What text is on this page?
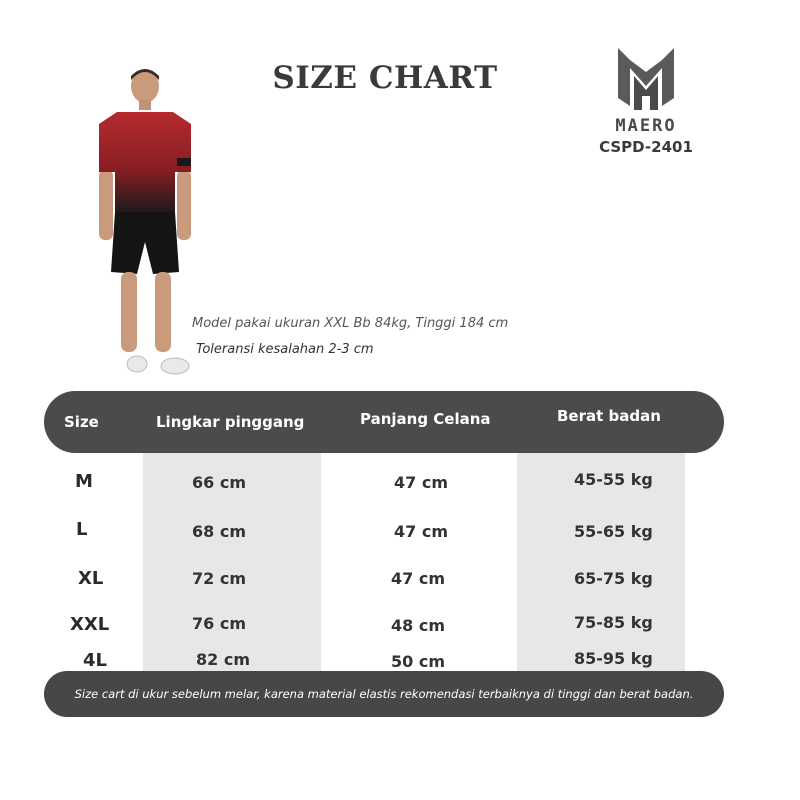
SIZE CHART
MAERO
CSPD-2401
Model pakai ukuran XXL Bb 84kg, Tinggi 184 cm
Toleransi kesalahan 2-3 cm
Size	Lingkar pinggang	Panjang Celana	Berat badan
M	66 cm	47 cm	45-55 kg
L	68 cm	47 cm	55-65 kg
XL	72 cm	47 cm	65-75 kg
XXL	76 cm	48 cm	75-85 kg
4L	82 cm	50 cm	85-95 kg
Size cart di ukur sebelum melar, karena material elastis rekomendasi terbaiknya di tinggi dan berat badan.
